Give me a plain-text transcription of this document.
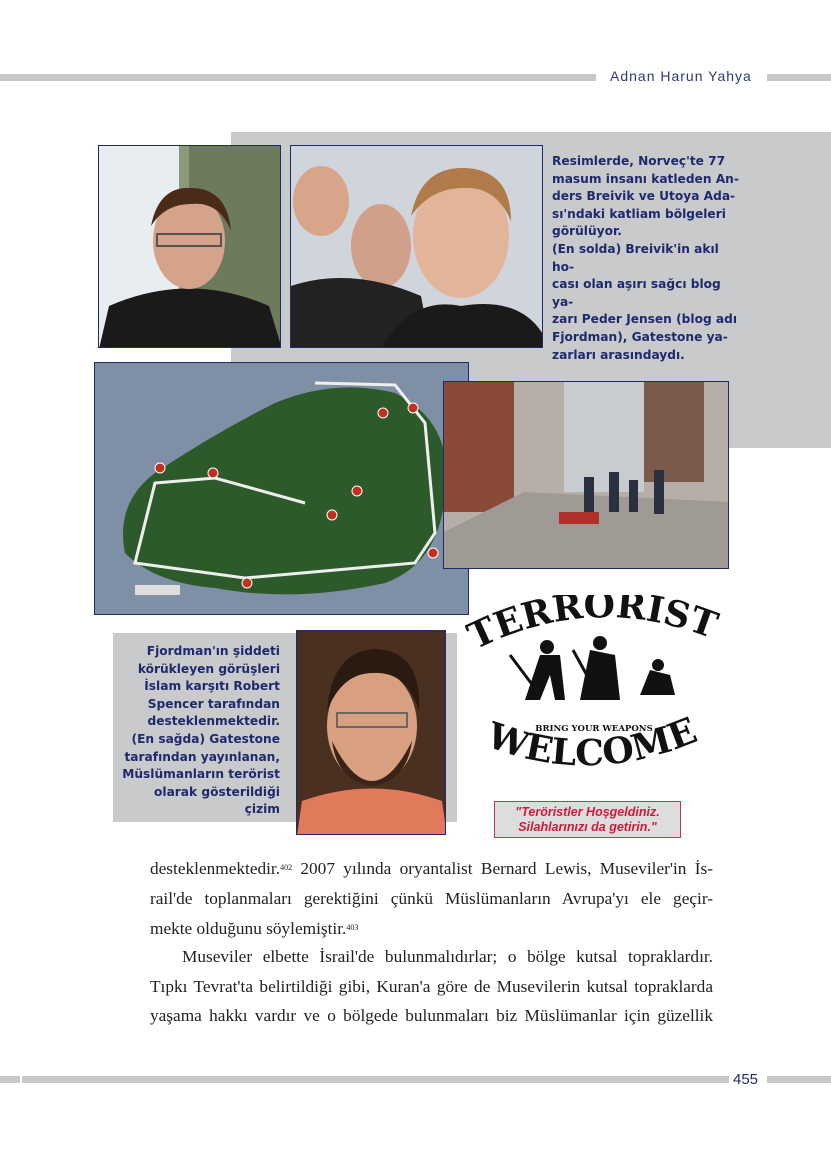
Adnan Harun Yahya
Resimlerde, Norveç'te 77
masum insanı katleden An-
ders Breivik ve Utoya Ada-
sı'ndaki katliam bölgeleri
görülüyor.
(En solda) Breivik'in akıl ho-
cası olan aşırı sağcı blog ya-
zarı Peder Jensen (blog adı
Fjordman), Gatestone ya-
zarları arasındaydı.
Fjordman'ın şiddeti
körükleyen görüşleri
İslam karşıtı Robert
Spencer tarafından
desteklenmektedir.
(En sağda) Gatestone
tarafından yayınlanan,
Müslümanların terörist
olarak gösterildiği çizim
TERRORIST
BRING YOUR WEAPONS
WELCOME
"Teröristler Hoşgeldiniz.
Silahlarınızı da getirin."

desteklenmektedir.$^{402}$ 2007 yılında oryantalist Bernard Lewis, Museviler'in İs-

rail'de toplanmaları gerektiğini çünkü Müslümanların Avrupa'yı ele geçir-

mekte olduğunu söylemiştir.$^{403}$

Museviler elbette İsrail'de bulunmalıdırlar; o bölge kutsal topraklardır.

Tıpkı Tevrat'ta belirtildiği gibi, Kuran'a göre de Musevilerin kutsal topraklarda

yaşama hakkı vardır ve o bölgede bulunmaları biz Müslümanlar için güzellik

455
